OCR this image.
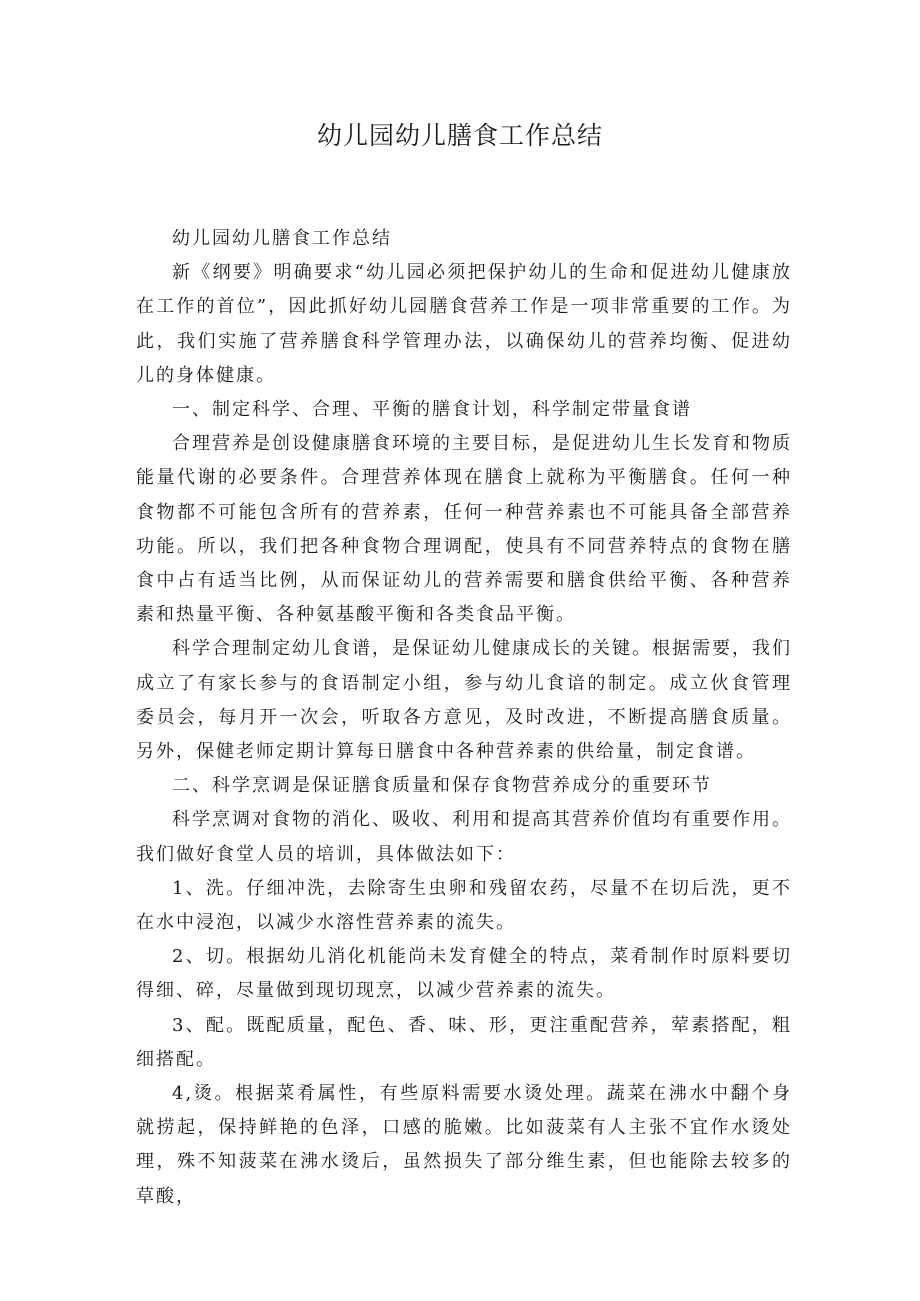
幼儿园幼儿膳食工作总结

幼儿园幼儿膳食工作总结

新《纲要》明确要求“幼儿园必须把保护幼儿的生命和促进幼儿健康放在工作的首位”，因此抓好幼儿园膳食营养工作是一项非常重要的工作。为此，我们实施了营养膳食科学管理办法，以确保幼儿的营养均衡、促进幼儿的身体健康。

一、制定科学、合理、平衡的膳食计划，科学制定带量食谱

合理营养是创设健康膳食环境的主要目标，是促进幼儿生长发育和物质能量代谢的必要条件。合理营养体现在膳食上就称为平衡膳食。任何一种食物都不可能包含所有的营养素，任何一种营养素也不可能具备全部营养功能。所以，我们把各种食物合理调配，使具有不同营养特点的食物在膳食中占有适当比例，从而保证幼儿的营养需要和膳食供给平衡、各种营养素和热量平衡、各种氨基酸平衡和各类食品平衡。

科学合理制定幼儿食谱，是保证幼儿健康成长的关键。根据需要，我们成立了有家长参与的食语制定小组，参与幼儿食谙的制定。成立伙食管理委员会，每月开一次会，听取各方意见，及时改进，不断提高膳食质量。另外，保健老师定期计算每日膳食中各种营养素的供给量，制定食谱。

二、科学烹调是保证膳食质量和保存食物营养成分的重要环节

科学烹调对食物的消化、吸收、利用和提高其营养价值均有重要作用。我们做好食堂人员的培训，具体做法如下：

1、洗。仔细冲洗，去除寄生虫卵和残留农药，尽量不在切后洗，更不在水中浸泡，以减少水溶性营养素的流失。

2、切。根据幼儿消化机能尚未发育健全的特点，菜肴制作时原料要切得细、碎，尽量做到现切现烹，以减少营养素的流失。

3、配。既配质量，配色、香、味、形，更注重配营养，荤素搭配，粗细搭配。

4,烫。根据菜肴属性，有些原料需要水烫处理。蔬菜在沸水中翻个身就捞起，保持鲜艳的色泽，口感的脆嫩。比如菠菜有人主张不宜作水烫处理，殊不知菠菜在沸水烫后，虽然损失了部分维生素，但也能除去较多的草酸，
